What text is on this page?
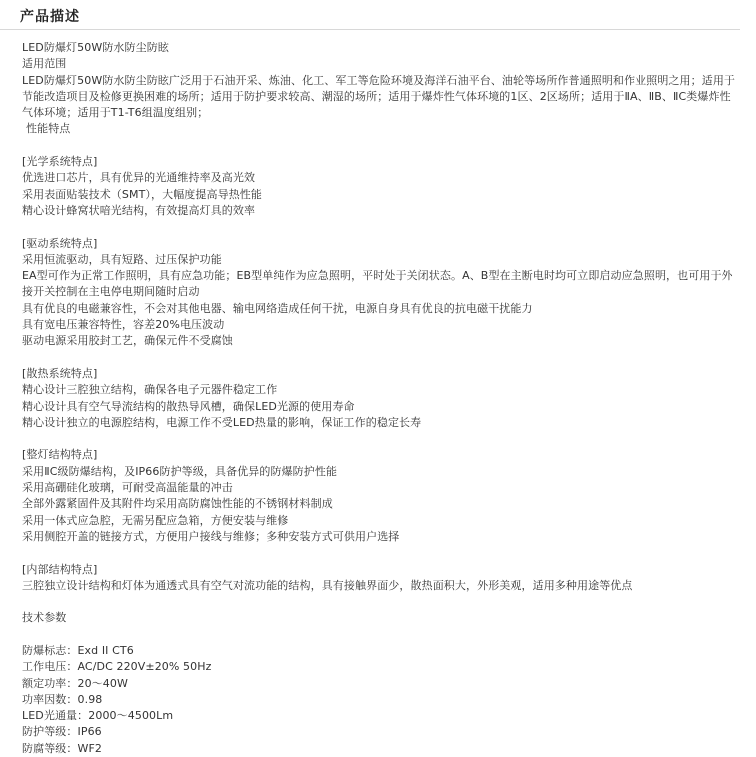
产品描述
LED防爆灯50W防水防尘防眩
适用范围
LED防爆灯50W防水防尘防眩广泛用于石油开采、炼油、化工、军工等危险环境及海洋石油平台、油轮等场所作普通照明和作业照明之用；适用于节能改造项目及检修更换困难的场所；适用于防护要求较高、潮湿的场所；适用于爆炸性气体环境的1区、2区场所；适用于ⅡA、ⅡB、ⅡC类爆炸性气体环境；适用于T1-T6组温度组别；
性能特点
[光学系统特点]
优选进口芯片，具有优异的光通维持率及高光效
采用表面贴装技术（SMT），大幅度提高导热性能
精心设计蜂窝状喑光结构，有效提高灯具的效率
[驱动系统特点]
采用恒流驱动，具有短路、过压保护功能
EA型可作为正常工作照明，具有应急功能；EB型单纯作为应急照明，平时处于关闭状态。A、B型在主断电时均可立即启动应急照明，也可用于外接开关控制在主电停电期间随时启动
具有优良的电磁兼容性，不会对其他电器、输电网络造成任何干扰，电源自身具有优良的抗电磁干扰能力
具有宽电压兼容特性，容差20%电压波动
驱动电源采用胶封工艺，确保元件不受腐蚀
[散热系统特点]
精心设计三腔独立结构，确保各电子元器件稳定工作
精心设计具有空气导流结构的散热导风槽，确保LED光源的使用寿命
精心设计独立的电源腔结构，电源工作不受LED热量的影响，保证工作的稳定长寿
[整灯结构特点]
采用ⅡC级防爆结构，及IP66防护等级，具备优异的防爆防护性能
采用高硼硅化玻璃，可耐受高温能量的冲击
全部外露紧固件及其附件均采用高防腐蚀性能的不锈钢材料制成
采用一体式应急腔，无需另配应急箱，方便安装与维修
采用侧腔开盖的链接方式，方便用户接线与维修；多种安装方式可供用户选择
[内部结构特点]
三腔独立设计结构和灯体为通透式具有空气对流功能的结构，具有接触界面少，散热面积大，外形美观，适用多种用途等优点
技术参数
防爆标志：Exd II CT6
工作电压：AC/DC 220V±20% 50Hz
额定功率：20～40W
功率因数：0.98
LED光通量：2000～4500Lm
防护等级：IP66
防腐等级：WF2
